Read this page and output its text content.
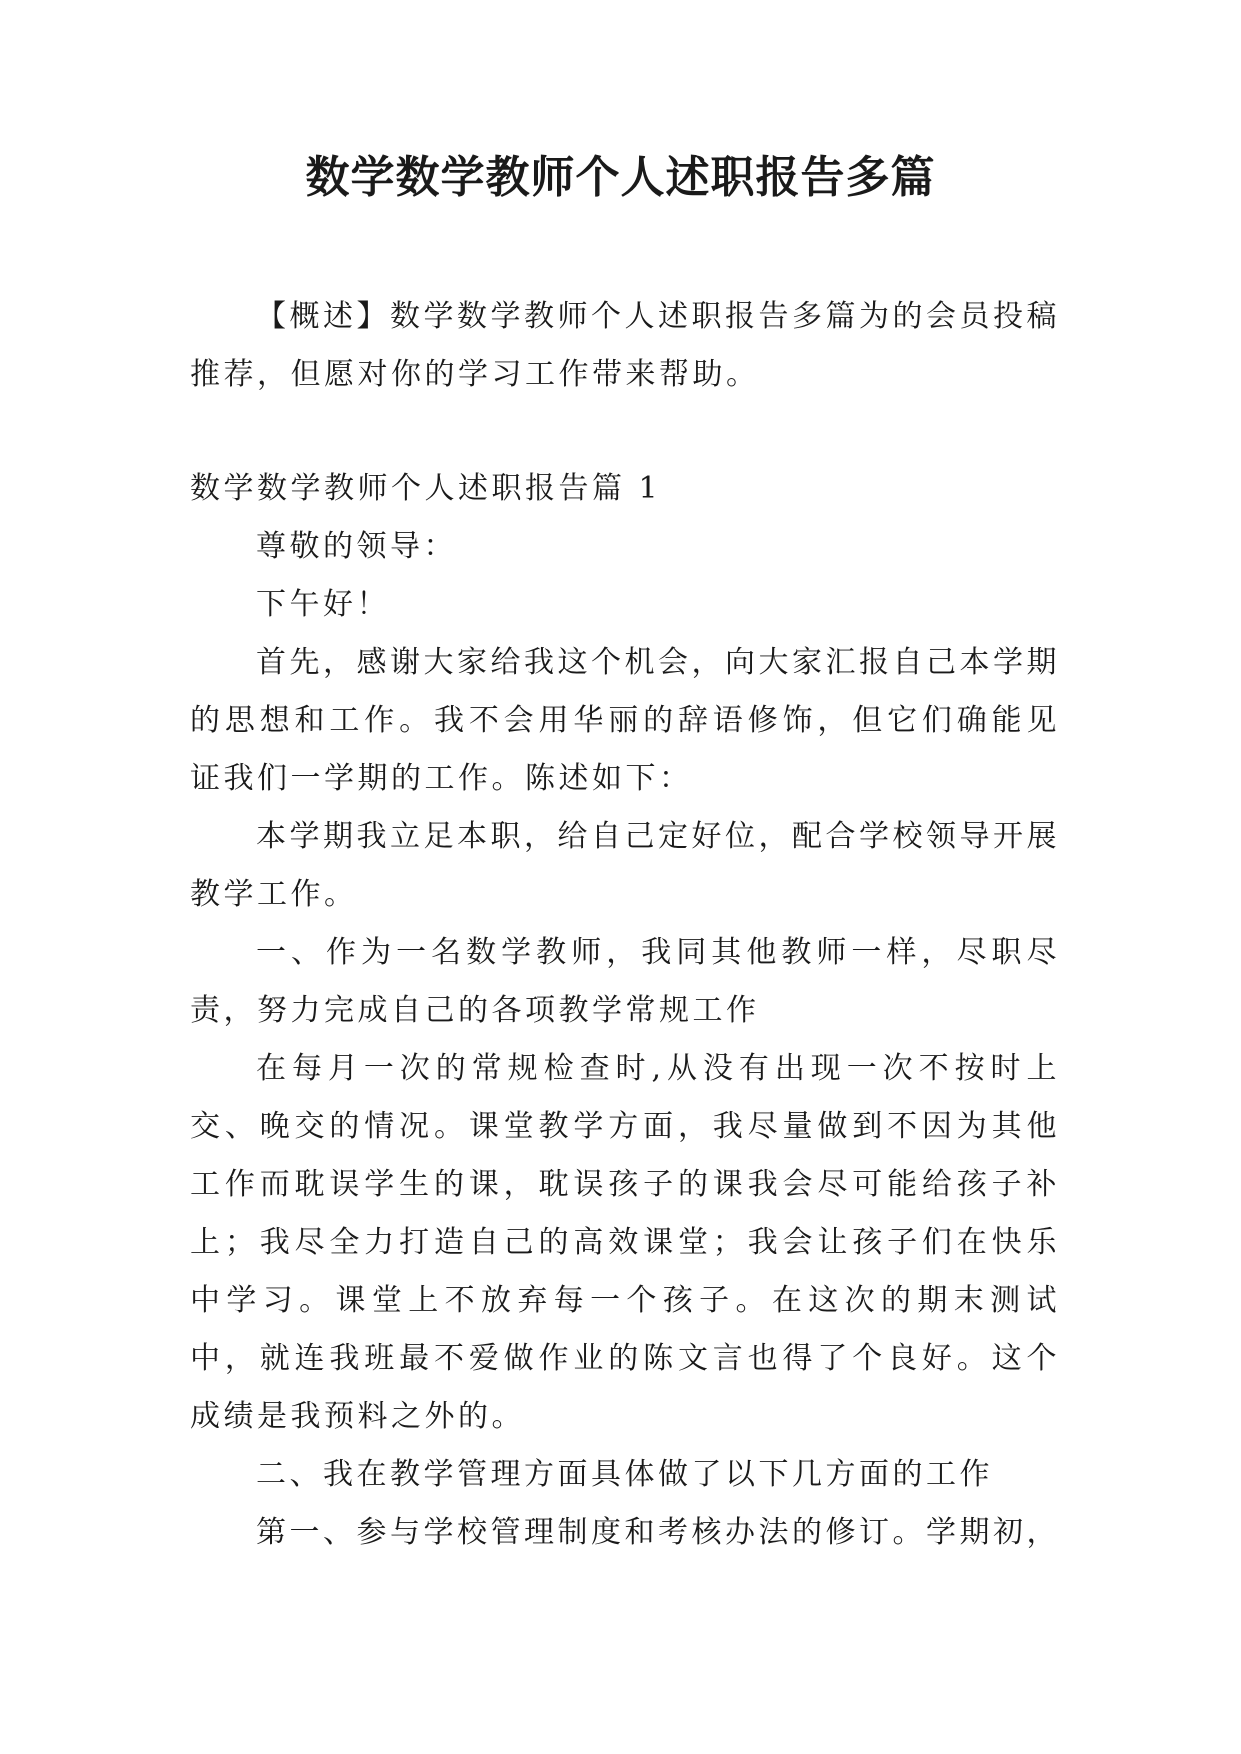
数学数学教师个人述职报告多篇

【概述】数学数学教师个人述职报告多篇为的会员投稿推荐，但愿对你的学习工作带来帮助。

数学数学教师个人述职报告篇 1

尊敬的领导：

下午好！

首先，感谢大家给我这个机会，向大家汇报自己本学期的思想和工作。我不会用华丽的辞语修饰，但它们确能见证我们一学期的工作。陈述如下：

本学期我立足本职，给自己定好位，配合学校领导开展教学工作。

一、作为一名数学教师，我同其他教师一样，尽职尽责，努力完成自己的各项教学常规工作

在每月一次的常规检查时,从没有出现一次不按时上交、晚交的情况。课堂教学方面，我尽量做到不因为其他工作而耽误学生的课，耽误孩子的课我会尽可能给孩子补上；我尽全力打造自己的高效课堂；我会让孩子们在快乐中学习。课堂上不放弃每一个孩子。在这次的期末测试中，就连我班最不爱做作业的陈文言也得了个良好。这个成绩是我预料之外的。

二、我在教学管理方面具体做了以下几方面的工作

第一、参与学校管理制度和考核办法的修订。学期初，
